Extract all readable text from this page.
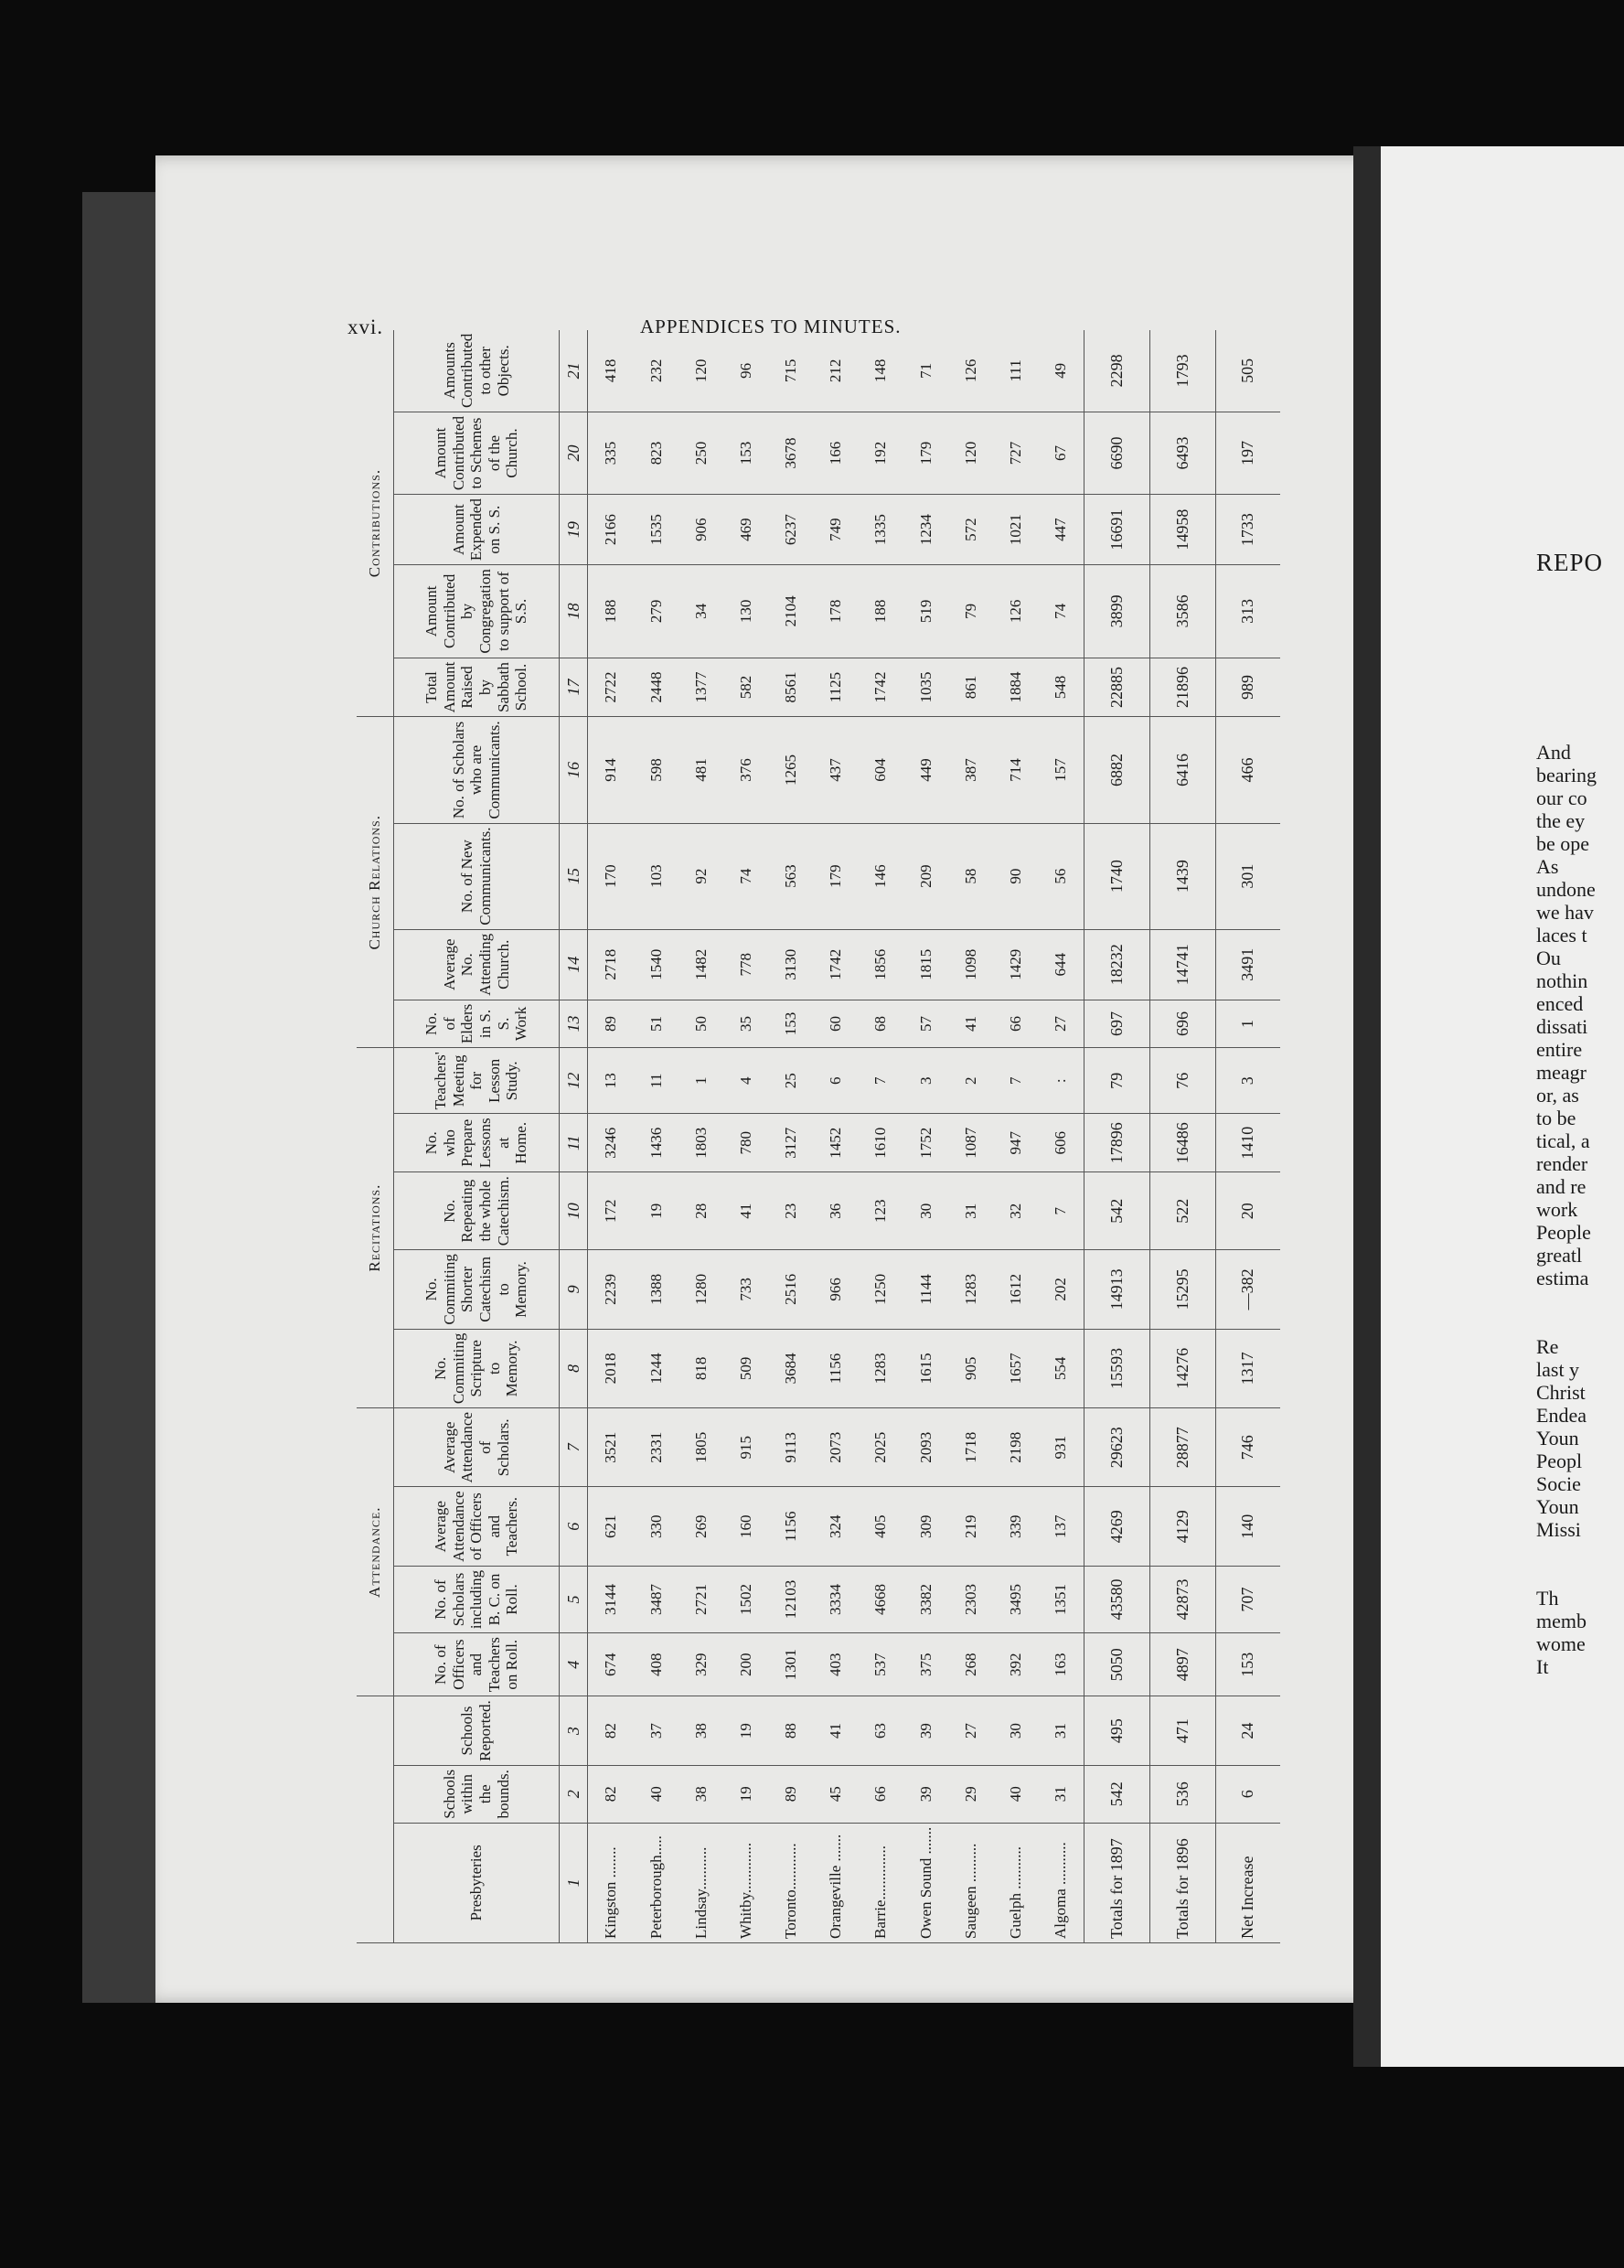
xvi.	APPENDICES TO MINUTES.
			Attendance.				Recitations.					Church Relations.				Contributions.				
Presbyteries	Schools within the bounds.	Schools Reported.	No. of Officers and Teachers on Roll.	No. of Scholars including B. C. on Roll.	Average Attendance of Officers and Teachers.	Average Attendance of Scholars.	No. Commiting Scripture to Memory.	No. Commiting Shorter Catechism to Memory.	No. Repeating the whole Catechism.	No. who Prepare Lessons at Home.	Teachers' Meeting for Lesson Study.	No. of Elders in S. S. Work	Average No. Attending Church.	No. of New Communicants.	No. of Scholars who are Communicants.	Total Amount Raised by Sabbath School.	Amount Contributed by Congregation to support of S.S.	Amount Expended on S. S.	Amount Contributed to Schemes of the Church.	Amounts Contributed to other Objects.
1	2	3	4	5	6	7	8	9	10	11	12	13	14	15	16	17	18	19	20	21
Kingston ........	82	82	674	3144	621	3521	2018	2239	172	3246	13	89	2718	170	914	2722	188	2166	335	418
Peterborough.....	40	37	408	3487	330	2331	1244	1388	19	1436	11	51	1540	103	598	2448	279	1535	823	232
Lindsay...........	38	38	329	2721	269	1805	818	1280	28	1803	1	50	1482	92	481	1377	34	906	250	120
Whitby.............	19	19	200	1502	160	915	509	733	41	780	4	35	778	74	376	582	130	469	153	96
Toronto............	89	88	1301	12103	1156	9113	3684	2516	23	3127	25	153	3130	563	1265	8561	2104	6237	3678	715
Orangeville .......	45	41	403	3334	324	2073	1156	966	36	1452	6	60	1742	179	437	1125	178	749	166	212
Barrie..............	66	63	537	4668	405	2025	1283	1250	123	1610	7	68	1856	146	604	1742	188	1335	192	148
Owen Sound .......	39	39	375	3382	309	2093	1615	1144	30	1752	3	57	1815	209	449	1035	519	1234	179	71
Saugeen ..........	29	27	268	2303	219	1718	905	1283	31	1087	2	41	1098	58	387	861	79	572	120	126
Guelph ...........	40	30	392	3495	339	2198	1657	1612	32	947	7	66	1429	90	714	1884	126	1021	727	111
Algoma ...........	31	31	163	1351	137	931	554	202	7	606	:	27	644	56	157	548	74	447	67	49
Totals for 1897	542	495	5050	43580	4269	29623	15593	14913	542	17896	79	697	18232	1740	6882	22885	3899	16691	6690	2298
Totals for 1896	536	471	4897	42873	4129	28877	14276	15295	522	16486	76	696	14741	1439	6416	21896	3586	14958	6493	1793
Net Increase	6	24	153	707	140	746	1317	—382	20	1410	3	1	3491	301	466	989	313	1733	197	505
REPO
And
bearing
our co
the ey
be ope
As
undone
we hav
laces t
Ou
nothin
enced
dissati
entire
meagr
or, as
to be
tical, a
render
and re
work
People
greatl
estima

Re
last y
Christ
Endea
Youn
Peopl
Socie
Youn
Missi

Th
memb
wome
It
